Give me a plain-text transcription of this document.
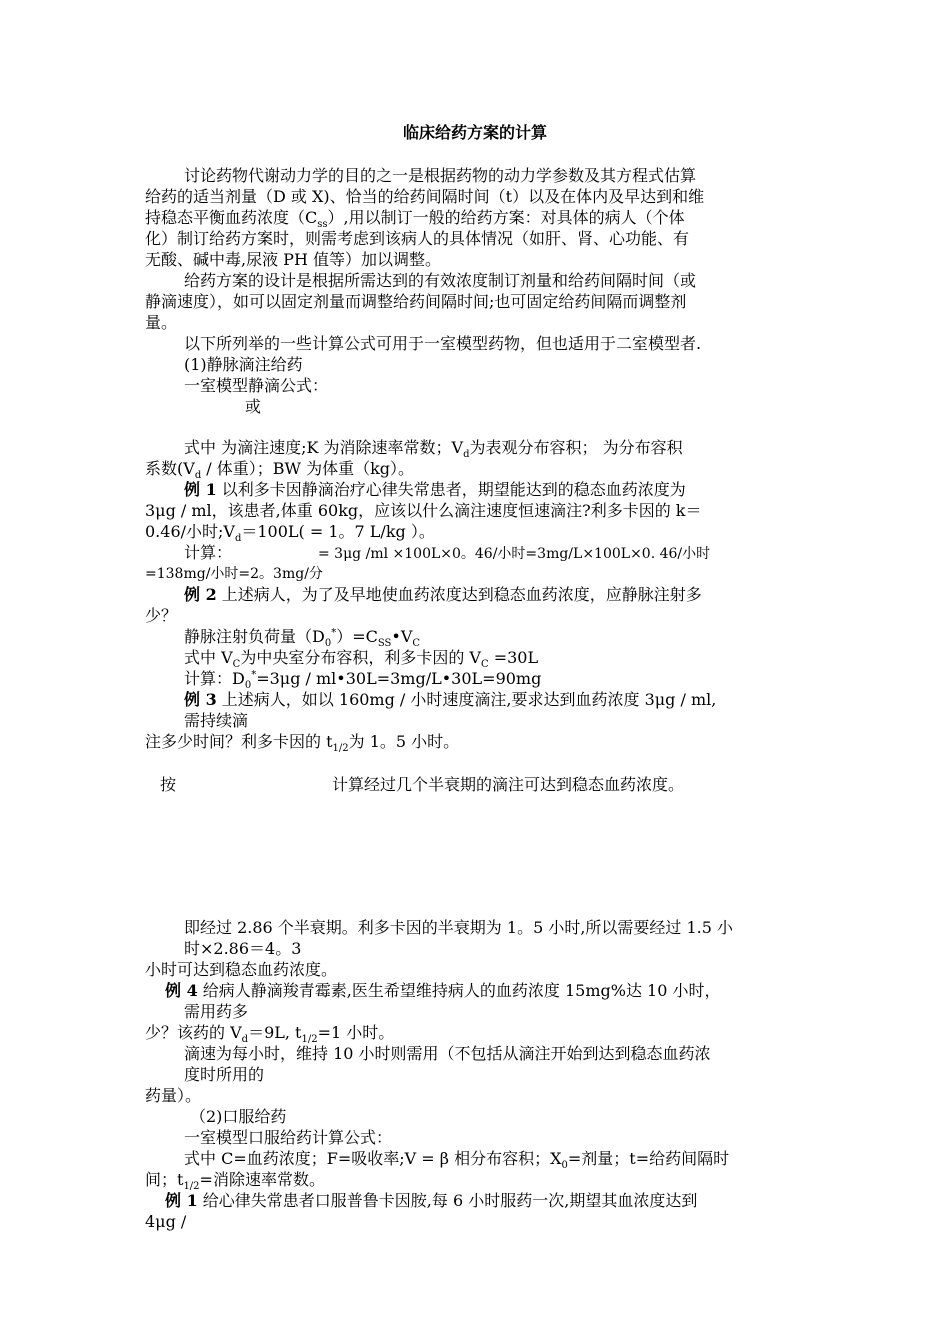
临床给药方案的计算

讨论药物代谢动力学的目的之一是根据药物的动力学参数及其方程式估算

给药的适当剂量（D 或 X)、恰当的给药间隔时间（t）以及在体内及早达到和维

持稳态平衡血药浓度$(C_{ss})$,用以制订一般的给药方案：对具体的病人（个体

化）制订给药方案时，则需考虑到该病人的具体情况（如肝、肾、心功能、有

无酸、碱中毒,尿液 PH 值等）加以调整。

给药方案的设计是根据所需达到的有效浓度制订剂量和给药间隔时间（或

静滴速度），如可以固定剂量而调整给药间隔时间;也可固定给药间隔而调整剂

量。

以下所列举的一些计算公式可用于一室模型药物，但也适用于二室模型者.

(1)静脉滴注给药

一室模型静滴公式：

或

式中 为滴注速度;K 为消除速率常数；$V_d$为表观分布容积； 为分布容积

系数($V_d$ / 体重）；BW 为体重（kg）。

例 1 以利多卡因静滴治疗心律失常患者，期望能达到的稳态血药浓度为

3μg / ml，该患者,体重 60kg，应该以什么滴注速度恒速滴注?利多卡因的 k＝

0.46/小时$;V_d=100L( = 1$。7 L/kg ）。

计算：	= 3μg /ml ×100L×0。46/小时=3mg/L×100L×0. 46/小时

=138mg/小时=2。3mg/分

例 2 上述病人，为了及早地使血药浓度达到稳态血药浓度，应静脉注射多

少？

静脉注射负荷量$(D_0^*)=C_{SS}•V_C$

式中 $V_C$为中央室分布容积，利多卡因的 $V_C =30L$

计算：$D_0^*=3\mu g$ / ml•30L=3mg/L•30L=90mg

例 3 上述病人，如以 160mg / 小时速度滴注,要求达到血药浓度 3μg / ml,

需持续滴

注多少时间？利多卡因的 $t_{1/2}$为 1。5 小时。

按	计算经过几个半衰期的滴注可达到稳态血药浓度。

即经过 2.86 个半衰期。利多卡因的半衰期为 1。5 小时,所以需要经过 1.5 小

时×2.86＝4。3

小时可达到稳态血药浓度。

例 4 给病人静滴羧青霉素,医生希望维持病人的血药浓度 15mg%达 10 小时，

需用药多

少？该药的 $V_d=9L$, $t_{1/2}=1$ 小时。

滴速为每小时，维持 10 小时则需用（不包括从滴注开始到达到稳态血药浓

度时所用的

药量）。

（2)口服给药

一室模型口服给药计算公式：

式中 C=血药浓度；F=吸收率;V = β 相分布容积；$X_0=$剂量；t=给药间隔时

间；$t_{1/2}=$消除速率常数。

例 1 给心律失常患者口服普鲁卡因胺,每 6 小时服药一次,期望其血浓度达到

4μg /
